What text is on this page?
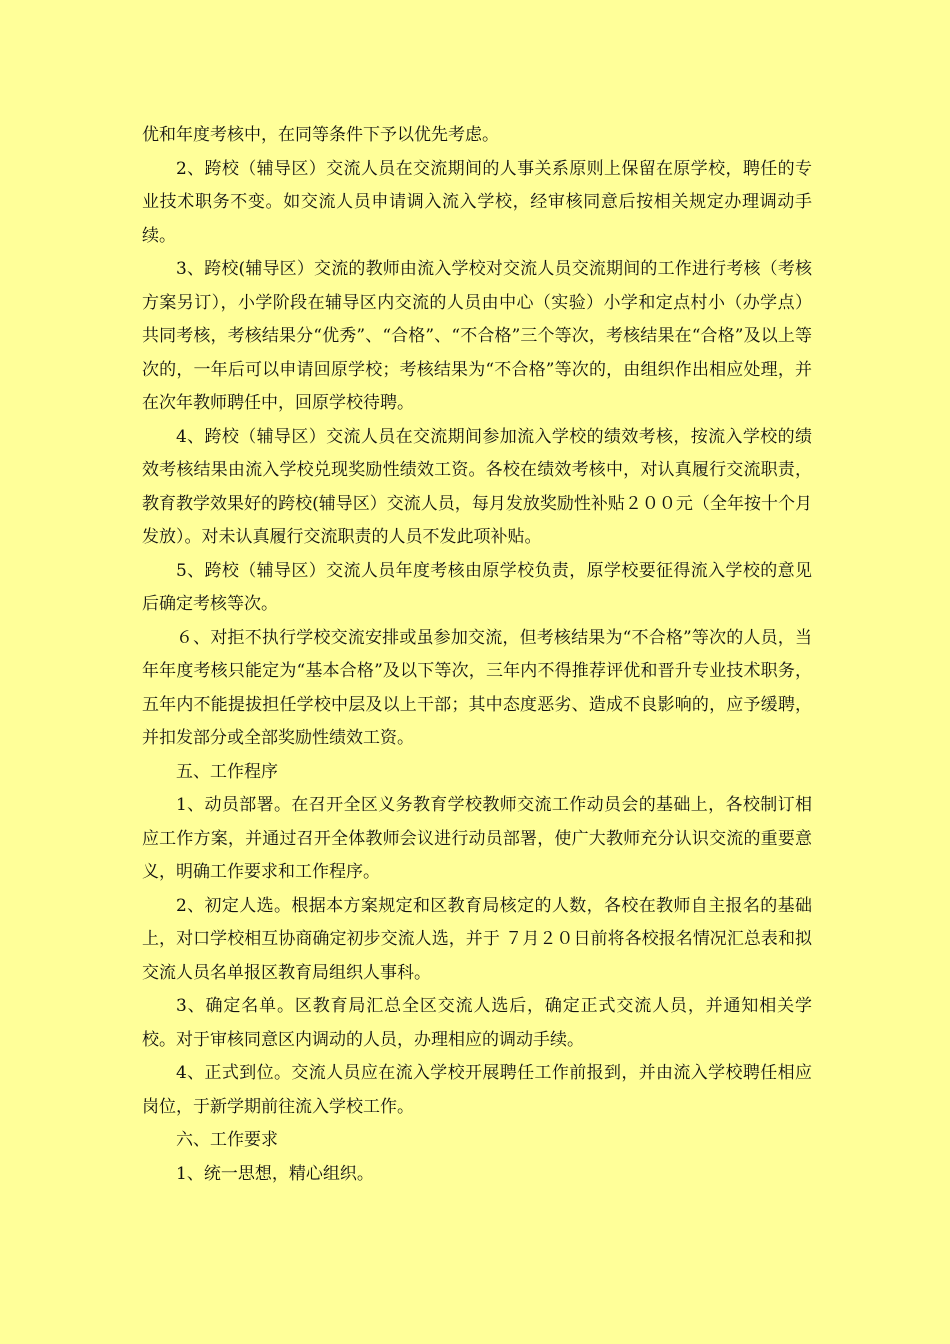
优和年度考核中，在同等条件下予以优先考虑。

2、跨校（辅导区）交流人员在交流期间的人事关系原则上保留在原学校，聘任的专业技术职务不变。如交流人员申请调入流入学校，经审核同意后按相关规定办理调动手续。

3、跨校(辅导区）交流的教师由流入学校对交流人员交流期间的工作进行考核（考核方案另订），小学阶段在辅导区内交流的人员由中心（实验）小学和定点村小（办学点）共同考核，考核结果分“优秀”、“合格”、“不合格”三个等次，考核结果在“合格”及以上等次的，一年后可以申请回原学校；考核结果为“不合格”等次的，由组织作出相应处理，并在次年教师聘任中，回原学校待聘。

4、跨校（辅导区）交流人员在交流期间参加流入学校的绩效考核，按流入学校的绩效考核结果由流入学校兑现奖励性绩效工资。各校在绩效考核中，对认真履行交流职责，教育教学效果好的跨校(辅导区）交流人员，每月发放奖励性补贴２００元（全年按十个月发放）。对未认真履行交流职责的人员不发此项补贴。

5、跨校（辅导区）交流人员年度考核由原学校负责，原学校要征得流入学校的意见后确定考核等次。

６、对拒不执行学校交流安排或虽参加交流，但考核结果为“不合格”等次的人员，当年年度考核只能定为“基本合格”及以下等次，三年内不得推荐评优和晋升专业技术职务，五年内不能提拔担任学校中层及以上干部；其中态度恶劣、造成不良影响的，应予缓聘，并扣发部分或全部奖励性绩效工资。

五、工作程序

1、动员部署。在召开全区义务教育学校教师交流工作动员会的基础上，各校制订相应工作方案，并通过召开全体教师会议进行动员部署，使广大教师充分认识交流的重要意义，明确工作要求和工作程序。

2、初定人选。根据本方案规定和区教育局核定的人数，各校在教师自主报名的基础上，对口学校相互协商确定初步交流人选，并于 ７月２０日前将各校报名情况汇总表和拟交流人员名单报区教育局组织人事科。

3、确定名单。区教育局汇总全区交流人选后，确定正式交流人员，并通知相关学校。对于审核同意区内调动的人员，办理相应的调动手续。

4、正式到位。交流人员应在流入学校开展聘任工作前报到，并由流入学校聘任相应岗位，于新学期前往流入学校工作。

六、工作要求

1、统一思想，精心组织。
